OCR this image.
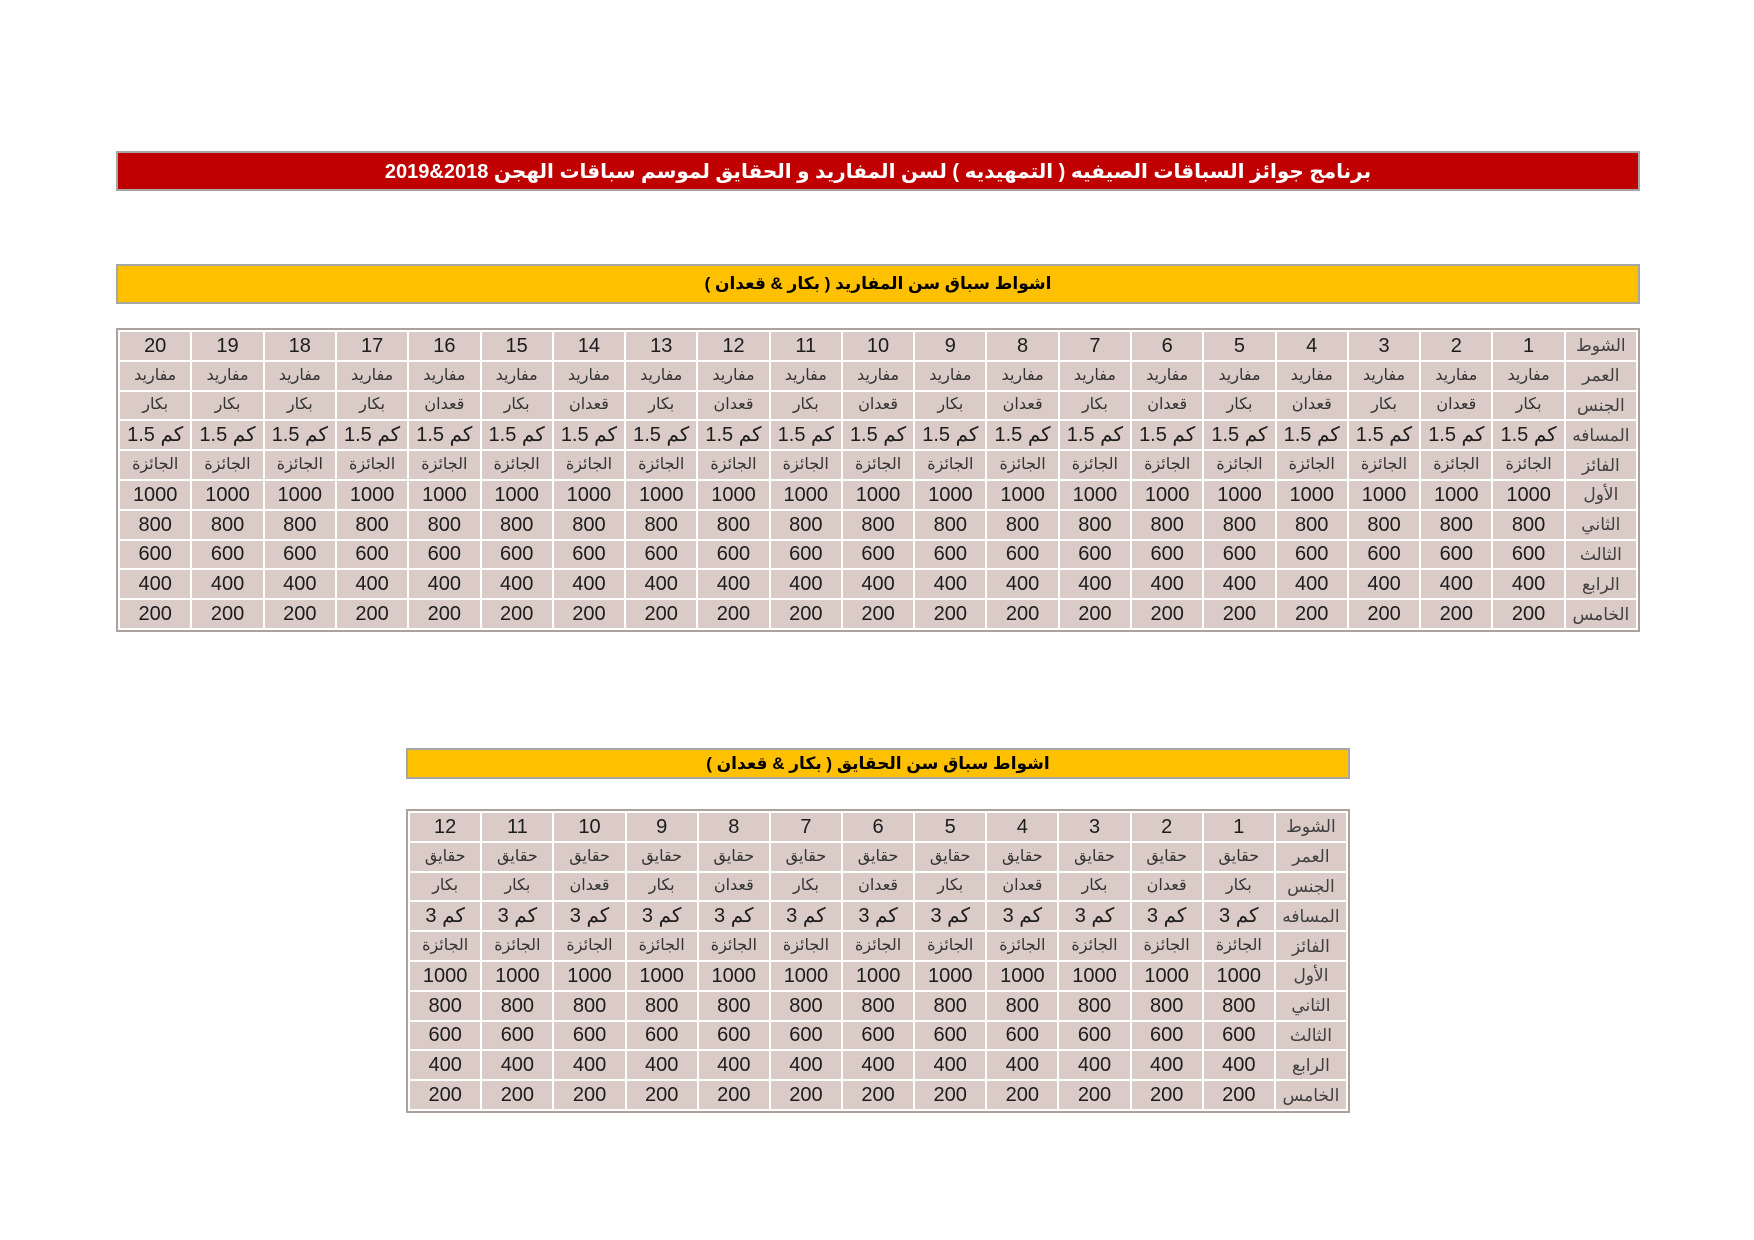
برنامج جوائز السباقات الصيفيه ( التمهيديه ) لسن المفاريد و الحقايق لموسم سباقات الهجن 2018&2019
اشواط سباق سن المفاريد ( بكار & قعدان )
الشوط	1	2	3	4	5	6	7	8	9	10	11	12	13	14	15	16	17	18	19	20
العمر	مفاريد	مفاريد	مفاريد	مفاريد	مفاريد	مفاريد	مفاريد	مفاريد	مفاريد	مفاريد	مفاريد	مفاريد	مفاريد	مفاريد	مفاريد	مفاريد	مفاريد	مفاريد	مفاريد	مفاريد
الجنس	بكار	قعدان	بكار	قعدان	بكار	قعدان	بكار	قعدان	بكار	قعدان	بكار	قعدان	بكار	قعدان	بكار	قعدان	بكار	بكار	بكار	بكار
المسافه	1.5 كم	1.5 كم	1.5 كم	1.5 كم	1.5 كم	1.5 كم	1.5 كم	1.5 كم	1.5 كم	1.5 كم	1.5 كم	1.5 كم	1.5 كم	1.5 كم	1.5 كم	1.5 كم	1.5 كم	1.5 كم	1.5 كم	1.5 كم
الفائز	الجائزة	الجائزة	الجائزة	الجائزة	الجائزة	الجائزة	الجائزة	الجائزة	الجائزة	الجائزة	الجائزة	الجائزة	الجائزة	الجائزة	الجائزة	الجائزة	الجائزة	الجائزة	الجائزة	الجائزة
الأول	1000	1000	1000	1000	1000	1000	1000	1000	1000	1000	1000	1000	1000	1000	1000	1000	1000	1000	1000	1000
الثاني	800	800	800	800	800	800	800	800	800	800	800	800	800	800	800	800	800	800	800	800
الثالث	600	600	600	600	600	600	600	600	600	600	600	600	600	600	600	600	600	600	600	600
الرابع	400	400	400	400	400	400	400	400	400	400	400	400	400	400	400	400	400	400	400	400
الخامس	200	200	200	200	200	200	200	200	200	200	200	200	200	200	200	200	200	200	200	200
اشواط سباق سن الحقايق ( بكار & قعدان )
الشوط	1	2	3	4	5	6	7	8	9	10	11	12
العمر	حقايق	حقايق	حقايق	حقايق	حقايق	حقايق	حقايق	حقايق	حقايق	حقايق	حقايق	حقايق
الجنس	بكار	قعدان	بكار	قعدان	بكار	قعدان	بكار	قعدان	بكار	قعدان	بكار	بكار
المسافه	3 كم	3 كم	3 كم	3 كم	3 كم	3 كم	3 كم	3 كم	3 كم	3 كم	3 كم	3 كم
الفائز	الجائزة	الجائزة	الجائزة	الجائزة	الجائزة	الجائزة	الجائزة	الجائزة	الجائزة	الجائزة	الجائزة	الجائزة
الأول	1000	1000	1000	1000	1000	1000	1000	1000	1000	1000	1000	1000
الثاني	800	800	800	800	800	800	800	800	800	800	800	800
الثالث	600	600	600	600	600	600	600	600	600	600	600	600
الرابع	400	400	400	400	400	400	400	400	400	400	400	400
الخامس	200	200	200	200	200	200	200	200	200	200	200	200
